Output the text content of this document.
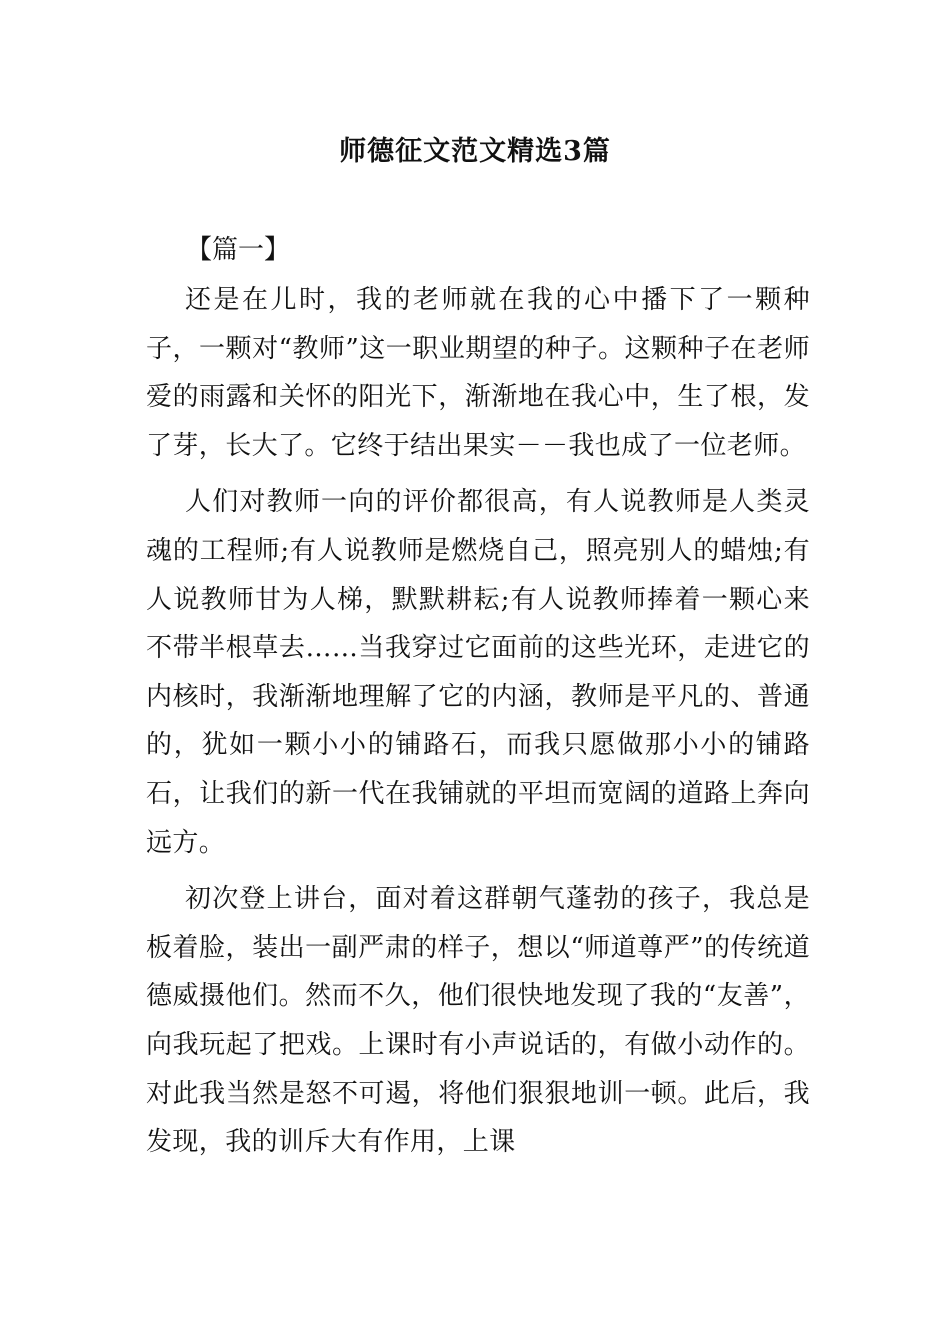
师德征文范文精选3篇
【篇一】

还是在儿时，我的老师就在我的心中播下了一颗种子，一颗对“教师”这一职业期望的种子。这颗种子在老师爱的雨露和关怀的阳光下，渐渐地在我心中，生了根，发了芽，长大了。它终于结出果实－－我也成了一位老师。

人们对教师一向的评价都很高，有人说教师是人类灵魂的工程师;有人说教师是燃烧自己，照亮别人的蜡烛;有人说教师甘为人梯，默默耕耘;有人说教师捧着一颗心来不带半根草去……当我穿过它面前的这些光环，走进它的内核时，我渐渐地理解了它的内涵，教师是平凡的、普通的，犹如一颗小小的铺路石，而我只愿做那小小的铺路石，让我们的新一代在我铺就的平坦而宽阔的道路上奔向远方。

初次登上讲台，面对着这群朝气蓬勃的孩子，我总是板着脸，装出一副严肃的样子，想以“师道尊严”的传统道德威摄他们。然而不久，他们很快地发现了我的“友善”，向我玩起了把戏。上课时有小声说话的，有做小动作的。对此我当然是怒不可遏，将他们狠狠地训一顿。此后，我发现，我的训斥大有作用，上课
